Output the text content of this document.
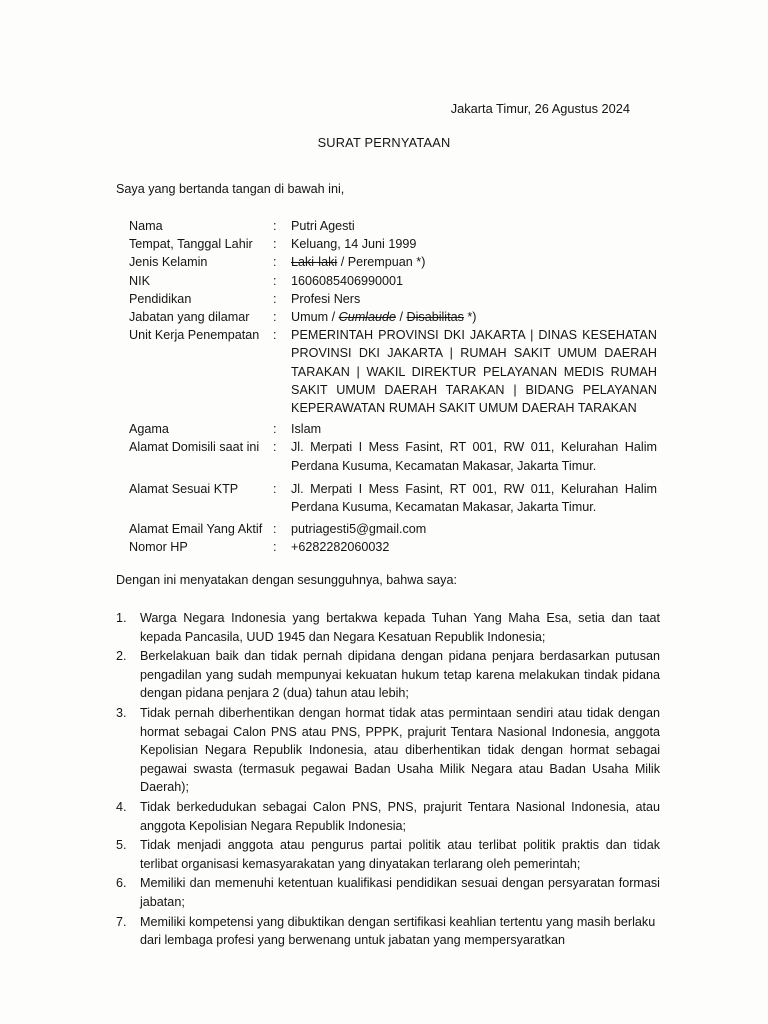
Jakarta Timur, 26 Agustus 2024
SURAT PERNYATAAN
Saya yang bertanda tangan di bawah ini,
Nama	:	Putri Agesti
Tempat, Tanggal Lahir	:	Keluang, 14 Juni 1999
Jenis Kelamin	:	Laki-laki / Perempuan *)
NIK	:	1606085406990001
Pendidikan	:	Profesi Ners
Jabatan yang dilamar	:	Umum / Cumlaude / Disabilitas *)
Unit Kerja Penempatan	:	PEMERINTAH PROVINSI DKI JAKARTA | DINAS KESEHATAN PROVINSI DKI JAKARTA | RUMAH SAKIT UMUM DAERAH TARAKAN | WAKIL DIREKTUR PELAYANAN MEDIS RUMAH SAKIT UMUM DAERAH TARAKAN | BIDANG PELAYANAN KEPERAWATAN RUMAH SAKIT UMUM DAERAH TARAKAN
Agama	:	Islam
Alamat Domisili saat ini	:	Jl. Merpati I Mess Fasint, RT 001, RW 011, Kelurahan Halim Perdana Kusuma, Kecamatan Makasar, Jakarta Timur.
Alamat Sesuai KTP	:	Jl. Merpati I Mess Fasint, RT 001, RW 011, Kelurahan Halim Perdana Kusuma, Kecamatan Makasar, Jakarta Timur.
Alamat Email Yang Aktif :	putriagesti5@gmail.com
Nomor HP	:	+6282282060032
Dengan ini menyatakan dengan sesungguhnya, bahwa saya:
1.	Warga Negara Indonesia yang bertakwa kepada Tuhan Yang Maha Esa, setia dan taat kepada Pancasila, UUD 1945 dan Negara Kesatuan Republik Indonesia;
2.	Berkelakuan baik dan tidak pernah dipidana dengan pidana penjara berdasarkan putusan pengadilan yang sudah mempunyai kekuatan hukum tetap karena melakukan tindak pidana dengan pidana penjara 2 (dua) tahun atau lebih;
3.	Tidak pernah diberhentikan dengan hormat tidak atas permintaan sendiri atau tidak dengan hormat sebagai Calon PNS atau PNS, PPPK, prajurit Tentara Nasional Indonesia, anggota Kepolisian Negara Republik Indonesia, atau diberhentikan tidak dengan hormat sebagai pegawai swasta (termasuk pegawai Badan Usaha Milik Negara atau Badan Usaha Milik Daerah);
4.	Tidak berkedudukan sebagai Calon PNS, PNS, prajurit Tentara Nasional Indonesia, atau anggota Kepolisian Negara Republik Indonesia;
5.	Tidak menjadi anggota atau pengurus partai politik atau terlibat politik praktis dan tidak terlibat organisasi kemasyarakatan yang dinyatakan terlarang oleh pemerintah;
6.	Memiliki dan memenuhi ketentuan kualifikasi pendidikan sesuai dengan persyaratan formasi jabatan;
7.	Memiliki kompetensi yang dibuktikan dengan sertifikasi keahlian tertentu yang masih berlaku dari lembaga profesi yang berwenang untuk jabatan yang mempersyaratkan
